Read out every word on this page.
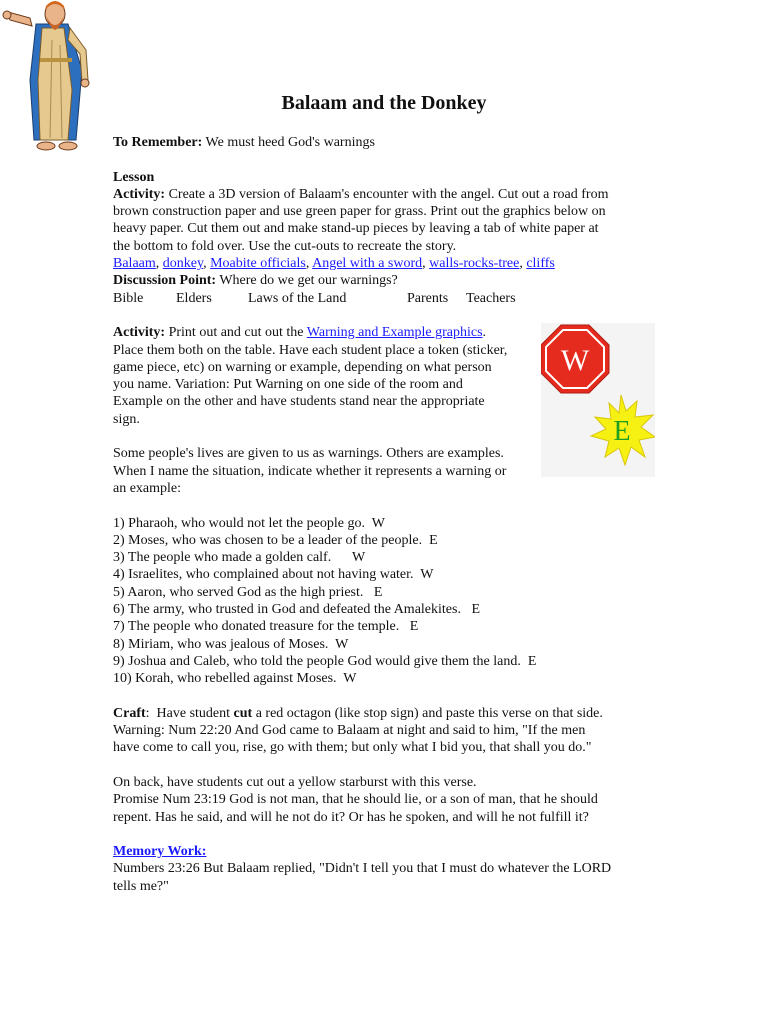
Balaam and the Donkey
To Remember: We must heed God's warnings
Lesson
Activity: Create a 3D version of Balaam's encounter with the angel. Cut out a road from
brown construction paper and use green paper for grass. Print out the graphics below on
heavy paper. Cut them out and make stand-up pieces by leaving a tab of white paper at
the bottom to fold over. Use the cut-outs to recreate the story.
Balaam, donkey, Moabite officials, Angel with a sword, walls-rocks-tree, cliffs
Discussion Point: Where do we get our warnings?
Bible Elders	Laws of the Land	Parents Teachers
Activity: Print out and cut out the Warning and Example graphics.
Place them both on the table. Have each student place a token (sticker,
game piece, etc) on warning or example, depending on what person
you name. Variation: Put Warning on one side of the room and
Example on the other and have students stand near the appropriate
sign.
Some people's lives are given to us as warnings. Others are examples.
When I name the situation, indicate whether it represents a warning or
an example:
1) Pharaoh, who would not let the people go.  W
2) Moses, who was chosen to be a leader of the people.  E
3) The people who made a golden calf.      W
4) Israelites, who complained about not having water.  W
5) Aaron, who served God as the high priest.   E
6) The army, who trusted in God and defeated the Amalekites.   E
7) The people who donated treasure for the temple.   E
8) Miriam, who was jealous of Moses.  W
9) Joshua and Caleb, who told the people God would give them the land.  E
10) Korah, who rebelled against Moses.  W
Craft:  Have student cut a red octagon (like stop sign) and paste this verse on that side.
Warning: Num 22:20 And God came to Balaam at night and said to him, "If the men
have come to call you, rise, go with them; but only what I bid you, that shall you do."
On back, have students cut out a yellow starburst with this verse.
Promise Num 23:19 God is not man, that he should lie, or a son of man, that he should
repent. Has he said, and will he not do it? Or has he spoken, and will he not fulfill it?
Memory Work:
Numbers 23:26 But Balaam replied, "Didn't I tell you that I must do whatever the LORD
tells me?"
W
E
